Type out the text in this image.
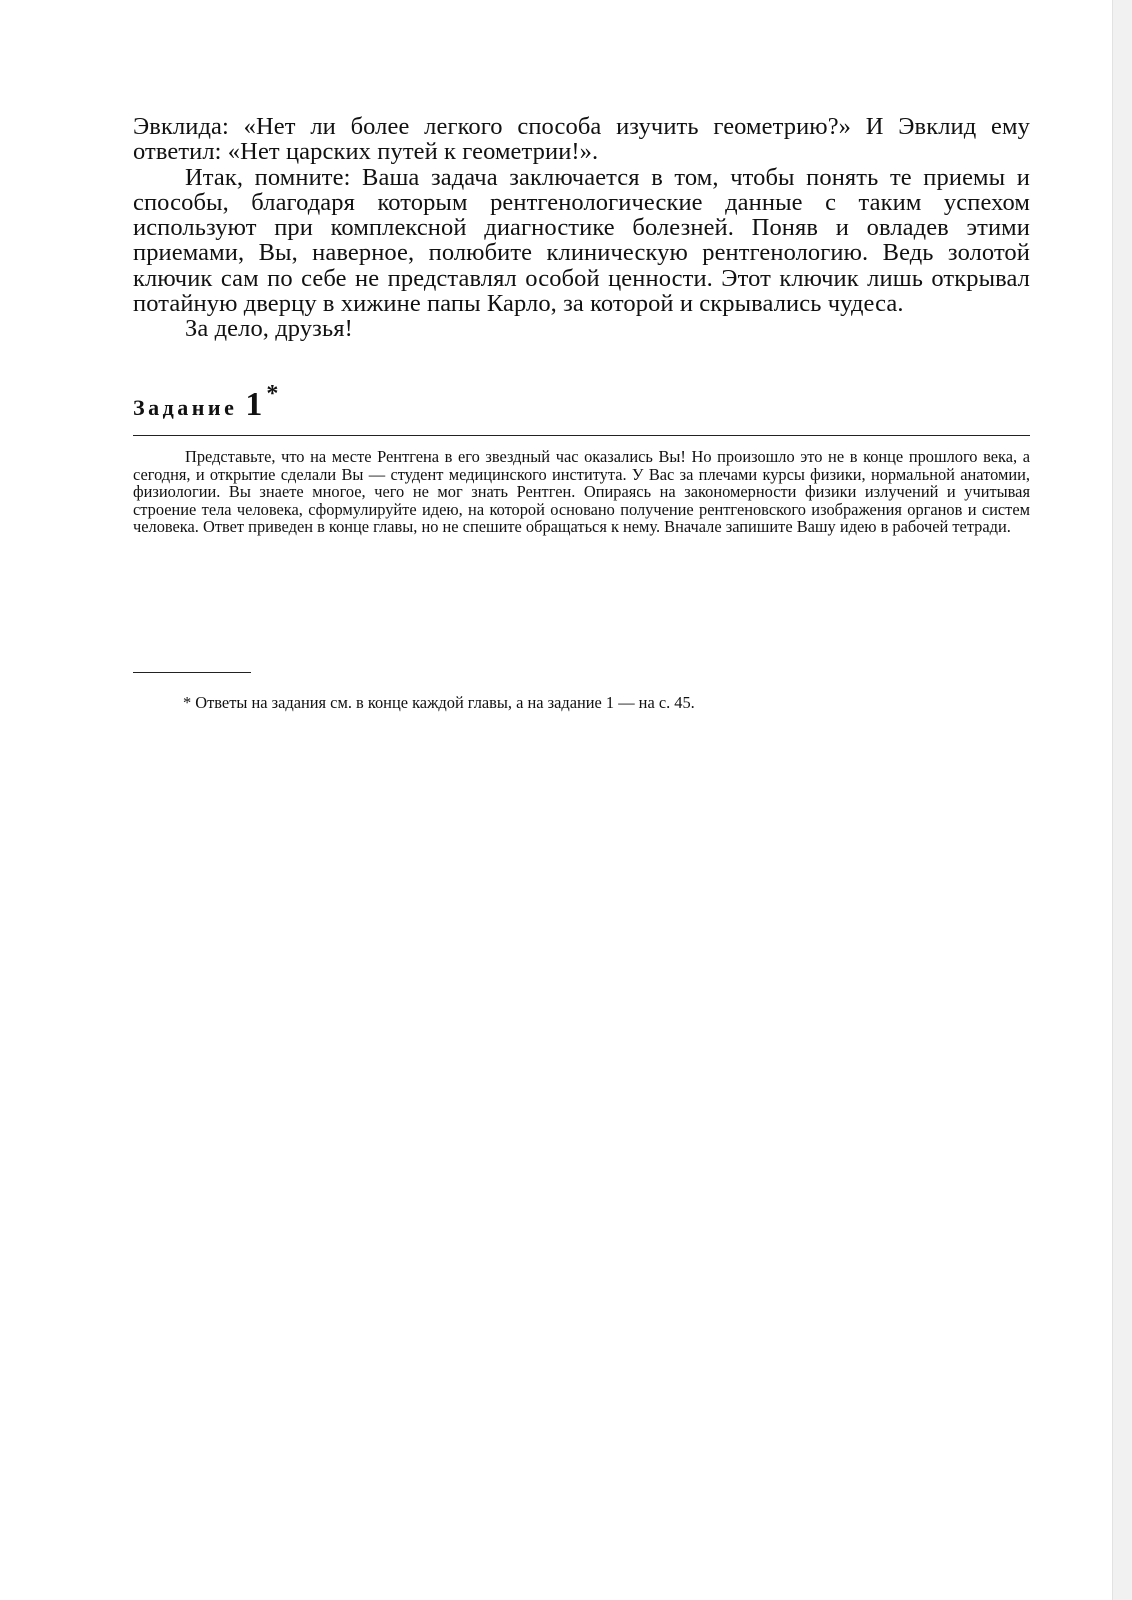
Эвклида: «Нет ли более легкого способа изучить геометрию?» И Эвклид ему ответил: «Нет царских путей к геометрии!».

Итак, помните: Ваша задача заключается в том, чтобы понять те приемы и способы, благодаря которым рентгенологические данные с таким успехом используют при комплексной диагностике болезней. Поняв и овладев этими приемами, Вы, наверное, полюбите клиническую рентгенологию. Ведь золотой ключик сам по себе не представлял особой ценности. Этот ключик лишь открывал потайную дверцу в хижине папы Карло, за которой и скрывались чудеса.

За дело, друзья!

Задание 1 *

Представьте, что на месте Рентгена в его звездный час оказались Вы! Но произошло это не в конце прошлого века, а сегодня, и открытие сделали Вы — студент медицинского института. У Вас за плечами курсы физики, нормальной анатомии, физиологии. Вы знаете многое, чего не мог знать Рентген. Опираясь на закономерности физики излучений и учитывая строение тела человека, сформулируйте идею, на которой основано получение рентгеновского изображения органов и систем человека. Ответ приведен в конце главы, но не спешите обращаться к нему. Вначале запишите Вашу идею в рабочей тетради.

* Ответы на задания см. в конце каждой главы, а на задание 1 — на с. 45.
